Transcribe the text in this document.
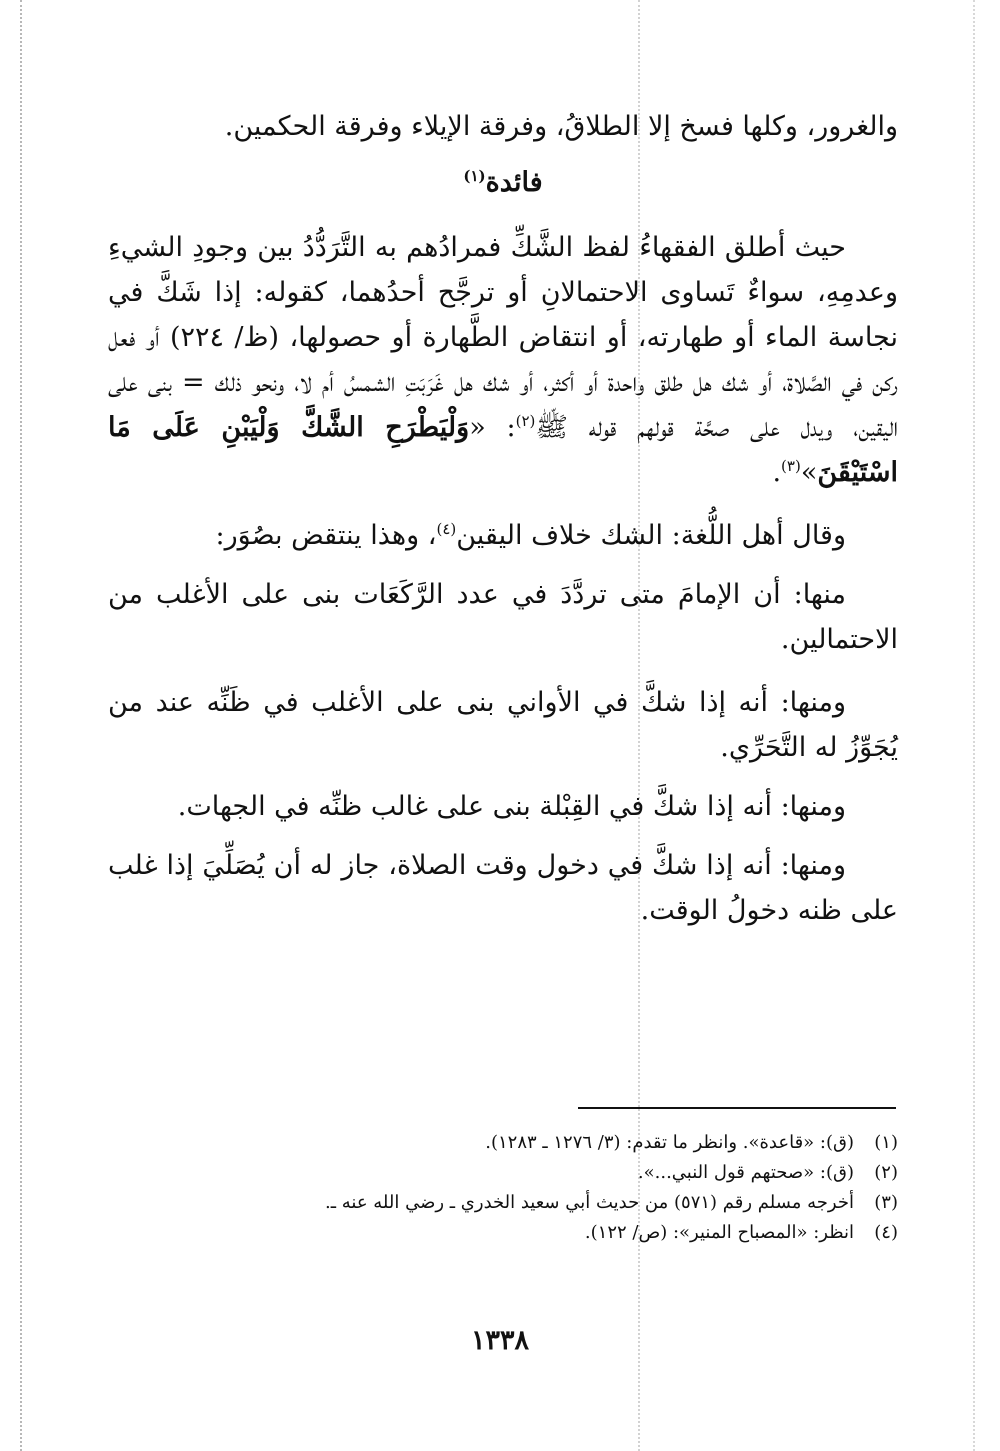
والغرور، وكلها فسخ إلا الطلاقُ، وفرقة الإيلاء وفرقة الحكمين.

فائدة$^{(١)}$

حيث أطلق الفقهاءُ لفظ الشَّكِّ فمرادُهم به التَّرَدُّدُ بين وجودِ الشيءِ وعدمِهِ، سواءٌ تَساوى الاحتمالانِ أو ترجَّح أحدُهما، كقوله: إذا شَكَّ في نجاسة الماء أو طهارته، أو انتقاض الطَّهارة أو حصولها، (ظ/ ٢٢٤) أو فعل ركن في الصَّلاة، أو شك هل طلق واحدة أو أكثر، أو شك هل غَرَبَتِ الشمسُ أم لا، ونحو ذلك = بنى على اليقين، ويدل على صحَّة قولهم قوله ﷺ$^{(٢)}$: «وَلْيَطْرَحِ الشَّكَّ وَلْيَبْنِ عَلَى مَا اسْتَيْقَنَ»$^{(٣)}$.

وقال أهل اللُّغة: الشك خلاف اليقين$^{(٤)}$، وهذا ينتقض بصُوَر:

منها: أن الإمامَ متى تردَّدَ في عدد الرَّكَعَات بنى على الأغلب من الاحتمالين.

ومنها: أنه إذا شكَّ في الأواني بنى على الأغلب في ظَنِّه عند من يُجَوِّزُ له التَّحَرِّي.

ومنها: أنه إذا شكَّ في القِبْلة بنى على غالب ظنِّه في الجهات.

ومنها: أنه إذا شكَّ في دخول وقت الصلاة، جاز له أن يُصَلِّيَ إذا غلب على ظنه دخولُ الوقت.

(١)(ق): «قاعدة». وانظر ما تقدم: (٣/ ١٢٧٦ ـ ١٢٨٣).

(٢)(ق): «صحتهم قول النبي...».

(٣)أخرجه مسلم رقم (٥٧١) من حديث أبي سعيد الخدري ـ رضي الله عنه ـ.

(٤)انظر: «المصباح المنير»: (ص/ ١٢٢).

١٣٣٨
